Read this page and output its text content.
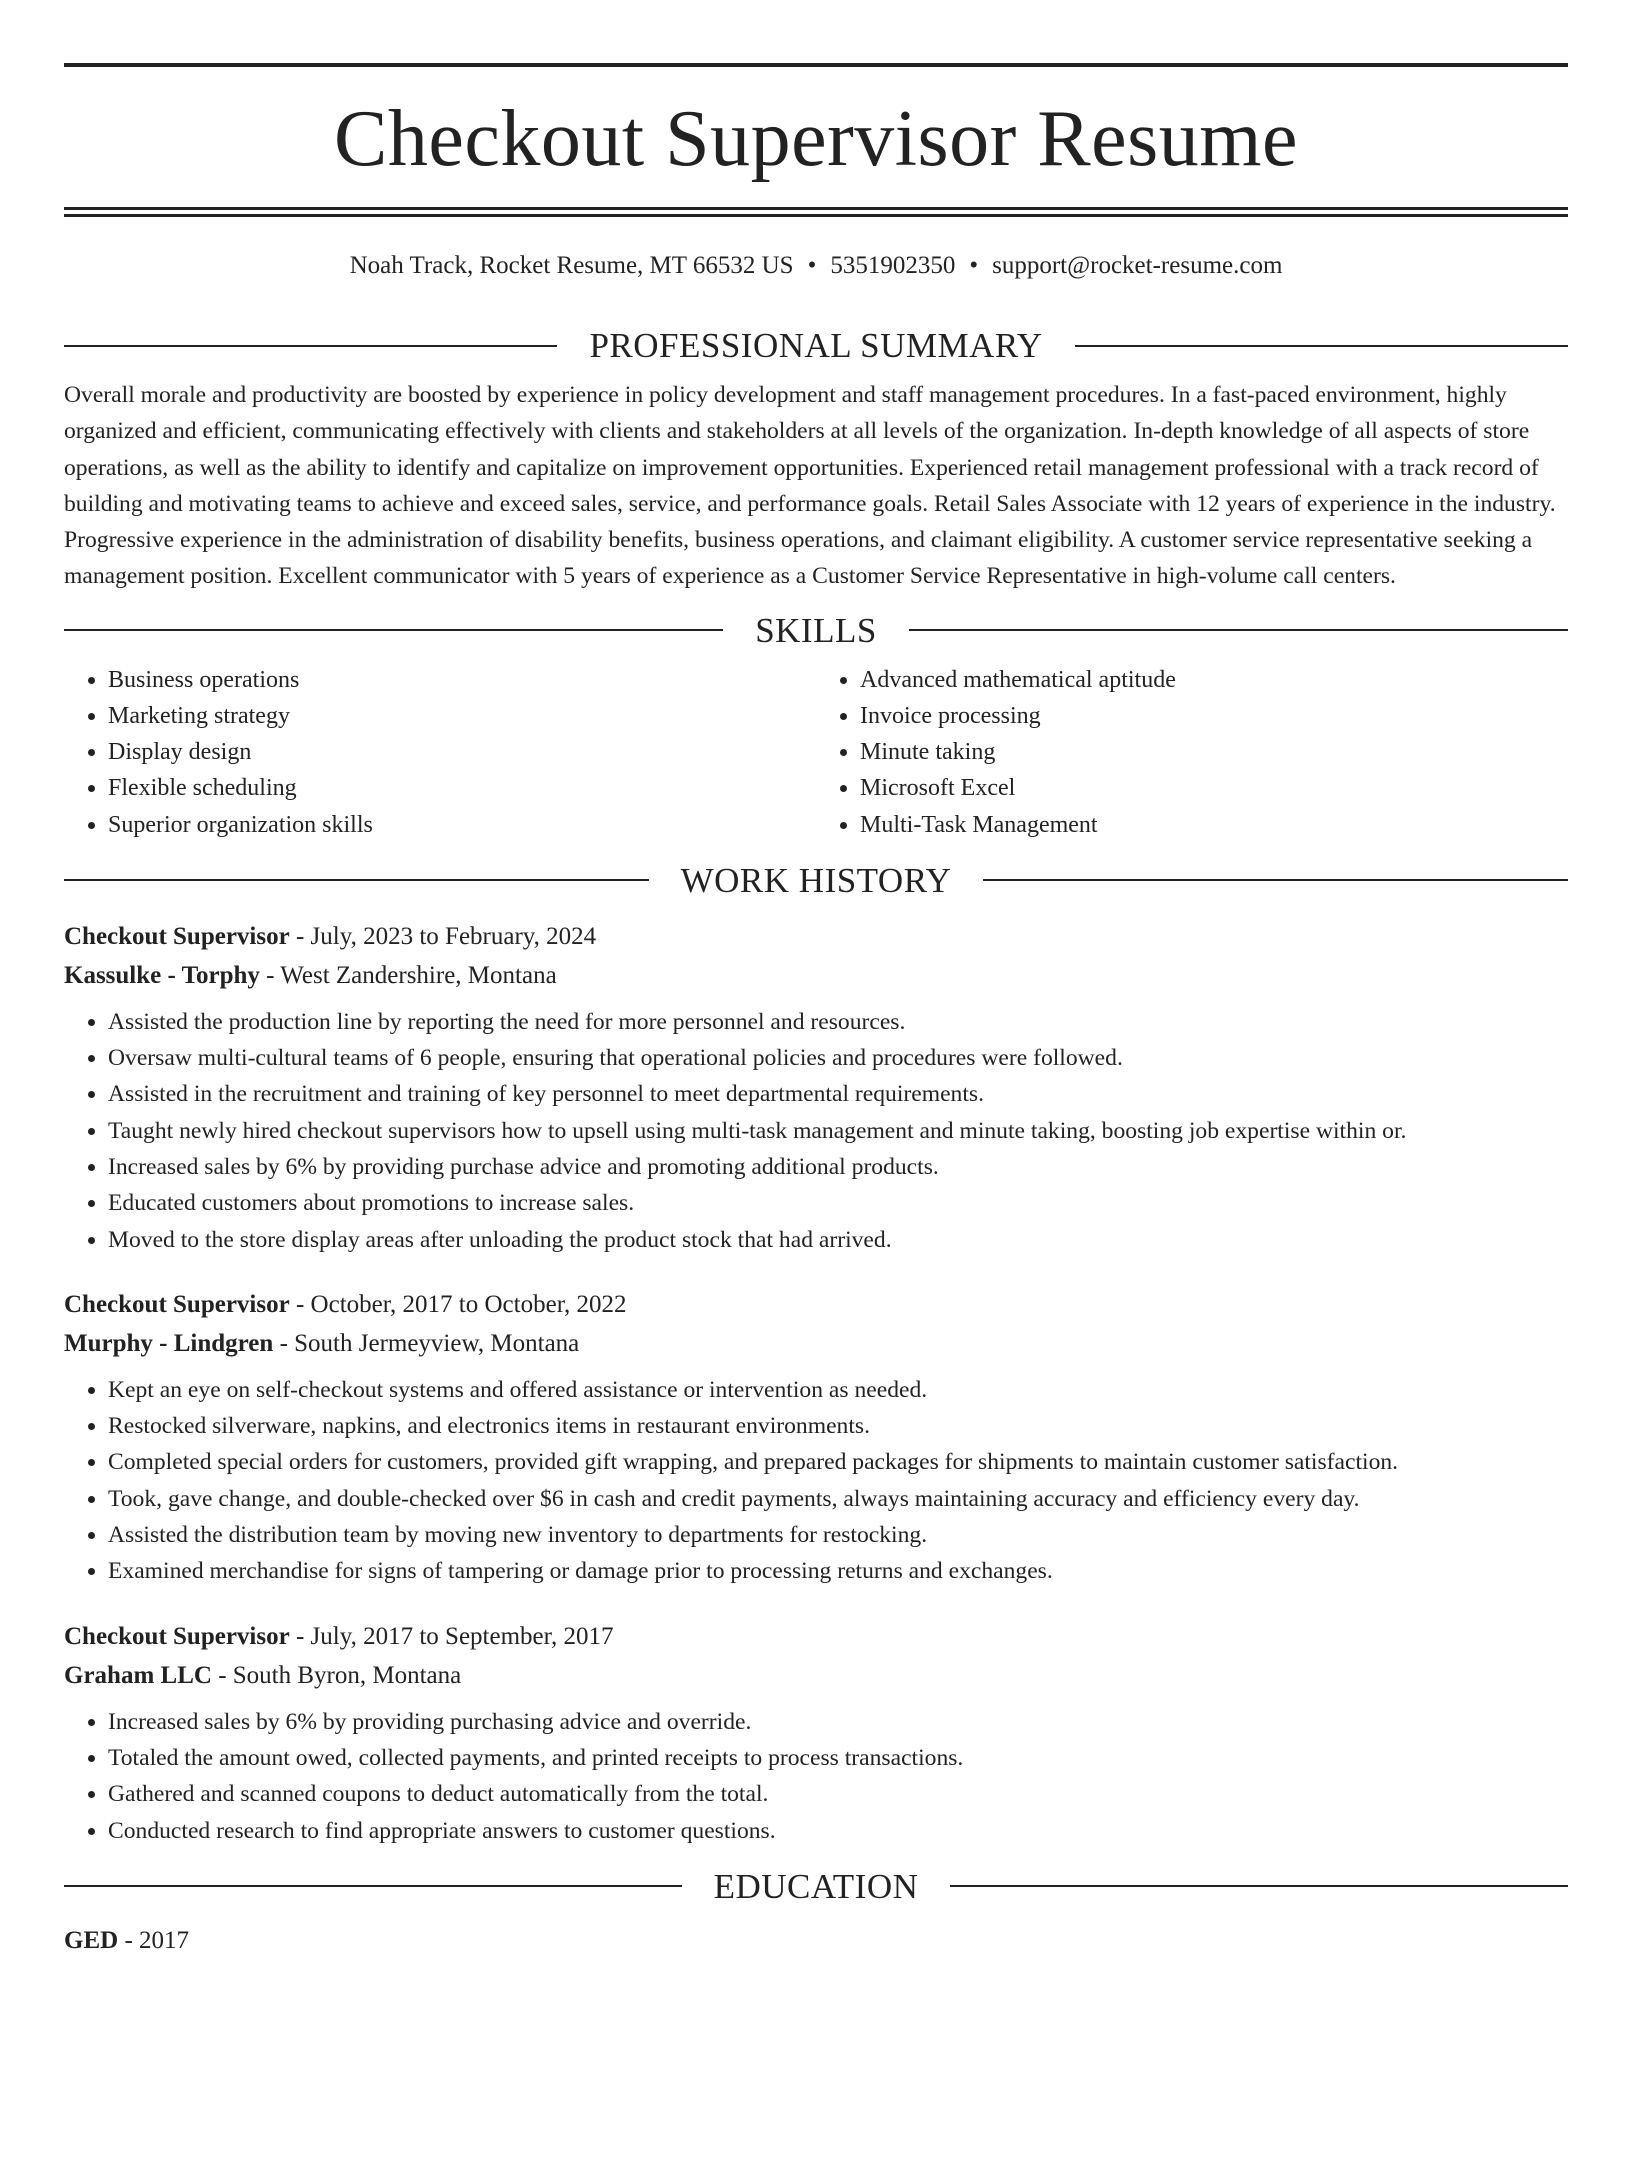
Checkout Supervisor Resume
Noah Track, Rocket Resume, MT 66532 US • 5351902350 • support@rocket-resume.com
PROFESSIONAL SUMMARY

Overall morale and productivity are boosted by experience in policy development and staff management procedures. In a fast-paced environment, highly organized and efficient, communicating effectively with clients and stakeholders at all levels of the organization. In-depth knowledge of all aspects of store operations, as well as the ability to identify and capitalize on improvement opportunities. Experienced retail management professional with a track record of building and motivating teams to achieve and exceed sales, service, and performance goals. Retail Sales Associate with 12 years of experience in the industry. Progressive experience in the administration of disability benefits, business operations, and claimant eligibility. A customer service representative seeking a management position. Excellent communicator with 5 years of experience as a Customer Service Representative in high-volume call centers.

SKILLS
• Business operations
• Marketing strategy
• Display design
• Flexible scheduling
• Superior organization skills
• Advanced mathematical aptitude
• Invoice processing
• Minute taking
• Microsoft Excel
• Multi-Task Management
WORK HISTORY
Checkout Supervisor - July, 2023 to February, 2024
Kassulke - Torphy - West Zandershire, Montana
• Assisted the production line by reporting the need for more personnel and resources.
• Oversaw multi-cultural teams of 6 people, ensuring that operational policies and procedures were followed.
• Assisted in the recruitment and training of key personnel to meet departmental requirements.
• Taught newly hired checkout supervisors how to upsell using multi-task management and minute taking, boosting job expertise within or.
• Increased sales by 6% by providing purchase advice and promoting additional products.
• Educated customers about promotions to increase sales.
• Moved to the store display areas after unloading the product stock that had arrived.
Checkout Supervisor - October, 2017 to October, 2022
Murphy - Lindgren - South Jermeyview, Montana
• Kept an eye on self-checkout systems and offered assistance or intervention as needed.
• Restocked silverware, napkins, and electronics items in restaurant environments.
• Completed special orders for customers, provided gift wrapping, and prepared packages for shipments to maintain customer satisfaction.
• Took, gave change, and double-checked over $6 in cash and credit payments, always maintaining accuracy and efficiency every day.
• Assisted the distribution team by moving new inventory to departments for restocking.
• Examined merchandise for signs of tampering or damage prior to processing returns and exchanges.
Checkout Supervisor - July, 2017 to September, 2017
Graham LLC - South Byron, Montana
• Increased sales by 6% by providing purchasing advice and override.
• Totaled the amount owed, collected payments, and printed receipts to process transactions.
• Gathered and scanned coupons to deduct automatically from the total.
• Conducted research to find appropriate answers to customer questions.
EDUCATION
GED - 2017
